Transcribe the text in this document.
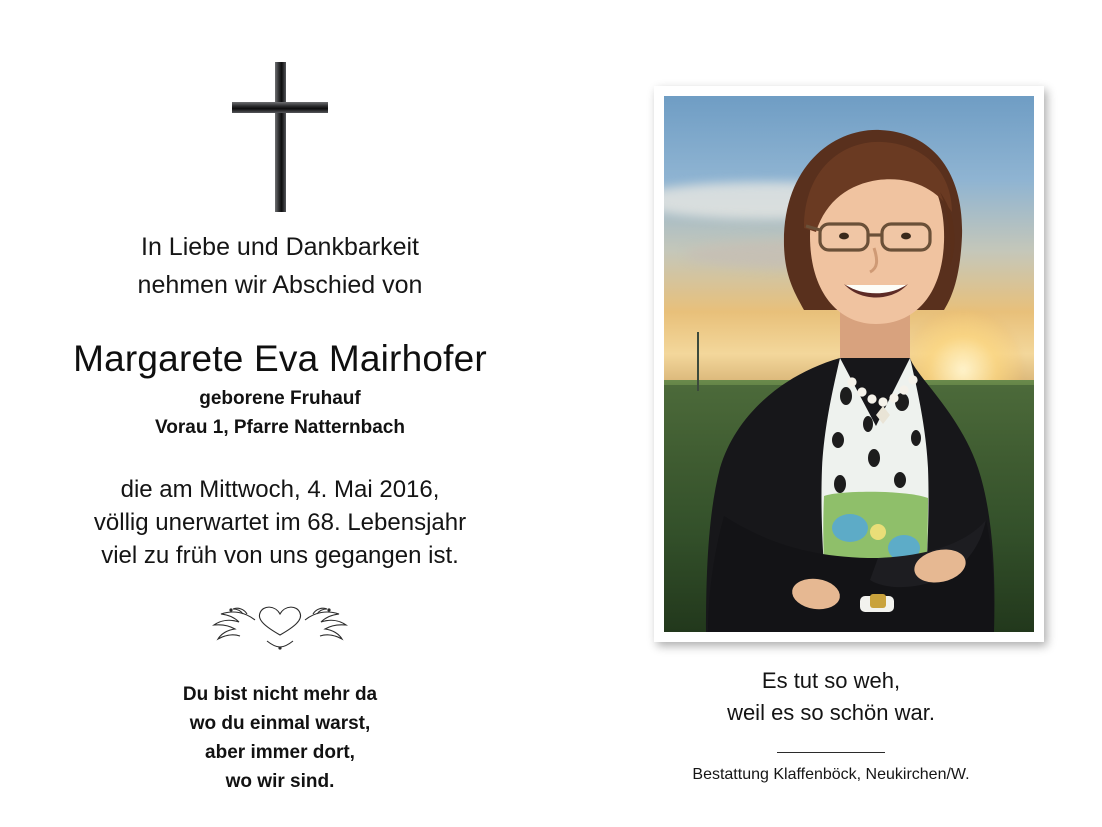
In Liebe und Dankbarkeit
nehmen wir Abschied von
Margarete Eva Mairhofer
geborene Fruhauf
Vorau 1, Pfarre Natternbach
die am Mittwoch, 4. Mai 2016,
völlig unerwartet im 68. Lebensjahr
viel zu früh von uns gegangen ist.
Du bist nicht mehr da
wo du einmal warst,
aber immer dort,
wo wir sind.
Es tut so weh,
weil es so schön war.
Bestattung Klaffenböck, Neukirchen/W.
